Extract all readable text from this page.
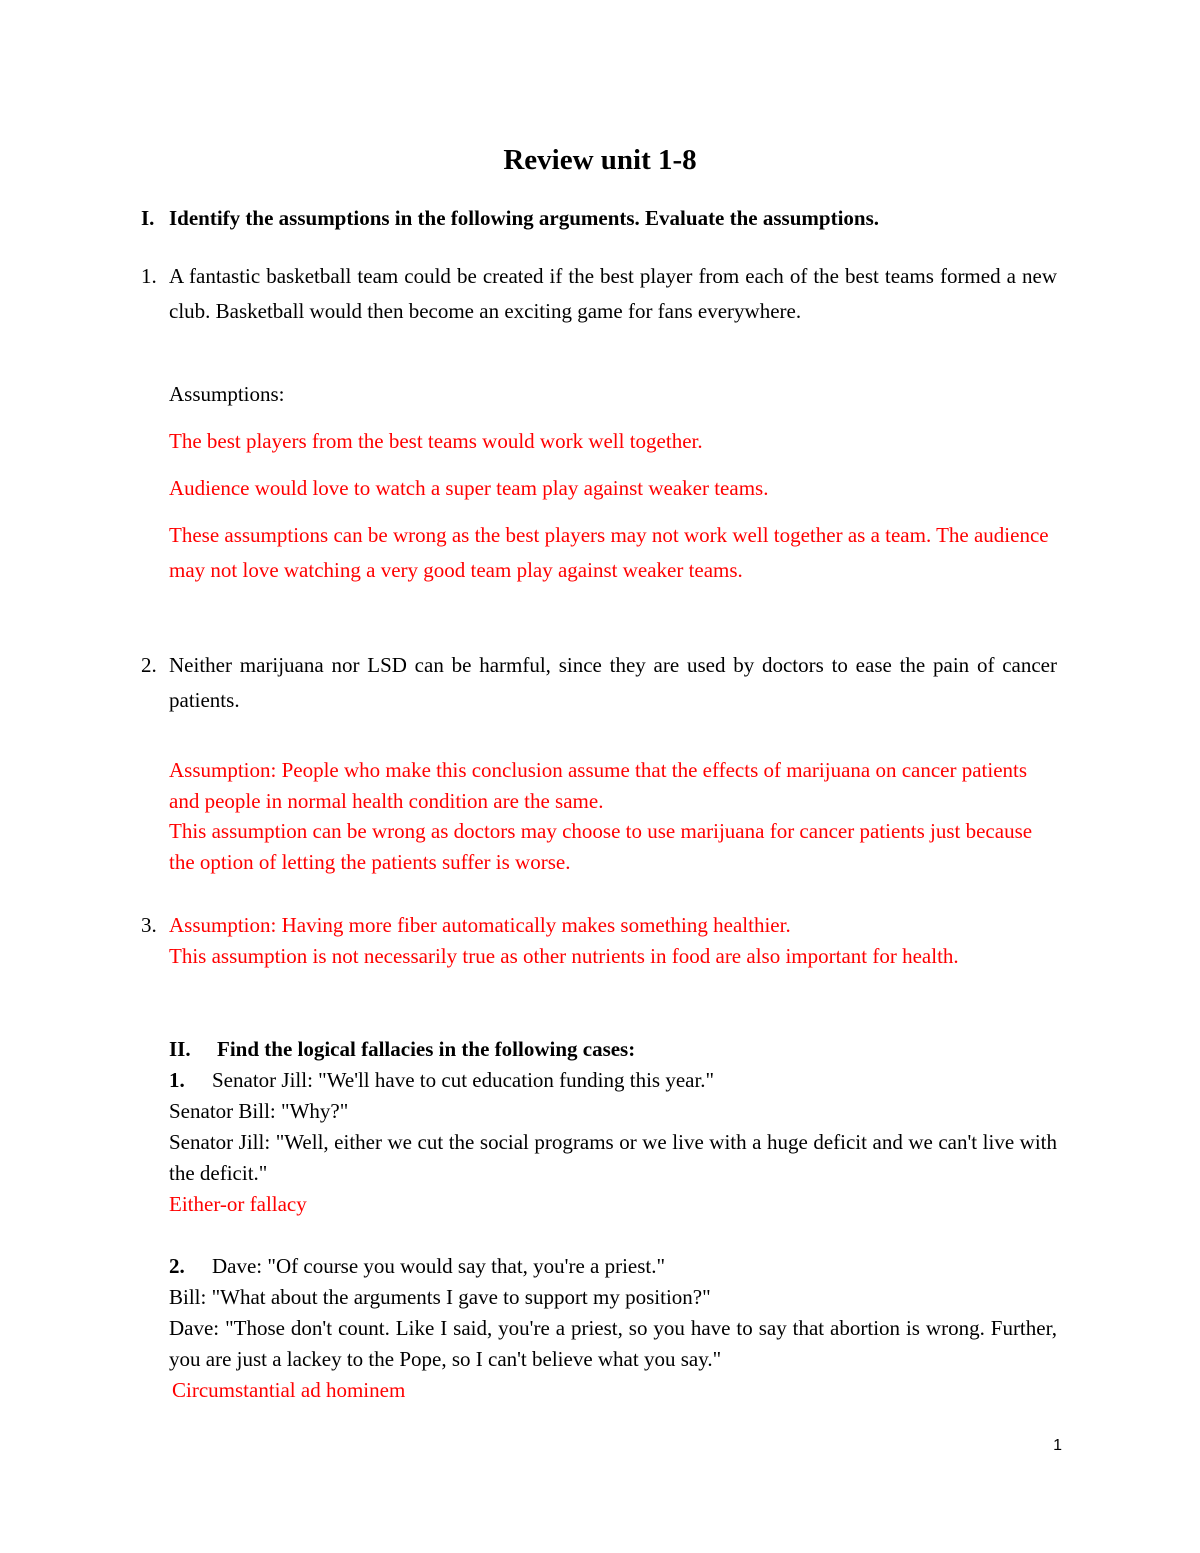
Review unit 1-8
I. Identify the assumptions in the following arguments. Evaluate the assumptions.
1. A fantastic basketball team could be created if the best player from each of the best teams formed a new club. Basketball would then become an exciting game for fans everywhere.

Assumptions:

The best players from the best teams would work well together.

Audience would love to watch a super team play against weaker teams.

These assumptions can be wrong as the best players may not work well together as a team. The audience may not love watching a very good team play against weaker teams.

2. Neither marijuana nor LSD can be harmful, since they are used by doctors to ease the pain of cancer patients.

Assumption: People who make this conclusion assume that the effects of marijuana on cancer patients and people in normal health condition are the same.

This assumption can be wrong as doctors may choose to use marijuana for cancer patients just because the option of letting the patients suffer is worse.

3. Assumption: Having more fiber automatically makes something healthier.

This assumption is not necessarily true as other nutrients in food are also important for health.

II. Find the logical fallacies in the following cases:
1. Senator Jill: "We'll have to cut education funding this year."

Senator Bill: "Why?"

Senator Jill: "Well, either we cut the social programs or we live with a huge deficit and we can't live with the deficit."

Either-or fallacy

2. Dave: "Of course you would say that, you're a priest."

Bill: "What about the arguments I gave to support my position?"

Dave: "Those don't count. Like I said, you're a priest, so you have to say that abortion is wrong. Further, you are just a lackey to the Pope, so I can't believe what you say."

Circumstantial ad hominem

1
